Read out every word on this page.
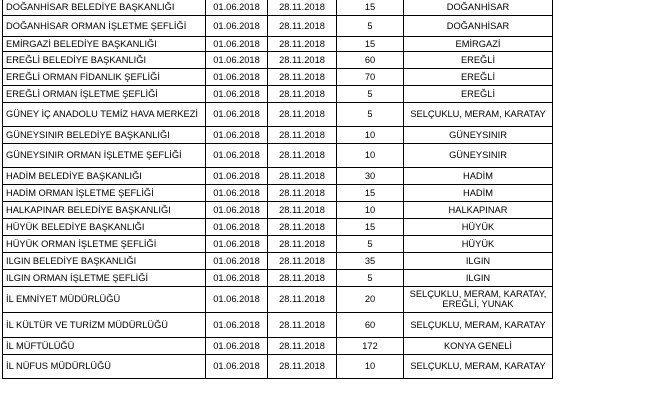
DOĞANHİSAR BELEDİYE BAŞKANLIĞI	01.06.2018	28.11.2018	15	DOĞANHİSAR
DOĞANHİSAR ORMAN İŞLETME ŞEFLİĞİ	01.06.2018	28.11.2018	5	DOĞANHİSAR
EMİRGAZİ BELEDİYE BAŞKANLIĞI	01.06.2018	28.11.2018	15	EMİRGAZİ
EREĞLİ BELEDİYE BAŞKANLIĞI	01.06.2018	28.11.2018	60	EREĞLİ
EREĞLİ ORMAN FİDANLIK ŞEFLİĞİ	01.06.2018	28.11.2018	70	EREĞLİ
EREĞLİ ORMAN İŞLETME ŞEFLİĞİ	01.06.2018	28.11.2018	5	EREĞLİ
GÜNEY İÇ ANADOLU TEMİZ HAVA MERKEZİ	01.06.2018	28.11.2018	5	SELÇUKLU, MERAM, KARATAY
GÜNEYSINIR BELEDİYE BAŞKANLIĞI	01.06.2018	28.11.2018	10	GÜNEYSINIR
GÜNEYSINIR ORMAN İŞLETME ŞEFLİĞİ	01.06.2018	28.11.2018	10	GÜNEYSINIR
HADİM BELEDİYE BAŞKANLIĞI	01.06.2018	28.11.2018	30	HADİM
HADİM ORMAN İŞLETME ŞEFLİĞİ	01.06.2018	28.11.2018	15	HADİM
HALKAPINAR BELEDİYE BAŞKANLIĞI	01.06.2018	28.11.2018	10	HALKAPINAR
HÜYÜK BELEDİYE BAŞKANLIĞI	01.06.2018	28.11.2018	15	HÜYÜK
HÜYÜK ORMAN İŞLETME ŞEFLİĞİ	01.06.2018	28.11.2018	5	HÜYÜK
ILGIN BELEDİYE BAŞKANLIĞI	01.06.2018	28.11.2018	35	ILGIN
ILGIN ORMAN İŞLETME ŞEFLİĞİ	01.06.2018	28.11.2018	5	ILGIN
İL EMNİYET MÜDÜRLÜĞÜ	01.06.2018	28.11.2018	20	SELÇUKLU, MERAM, KARATAY, EREĞLİ, YUNAK
İL KÜLTÜR VE TURİZM MÜDÜRLÜĞÜ	01.06.2018	28.11.2018	60	SELÇUKLU, MERAM, KARATAY
İL MÜFTÜLÜĞÜ	01.06.2018	28.11.2018	172	KONYA GENELİ
İL NÜFUS MÜDÜRLÜĞÜ	01.06.2018	28.11.2018	10	SELÇUKLU, MERAM, KARATAY
